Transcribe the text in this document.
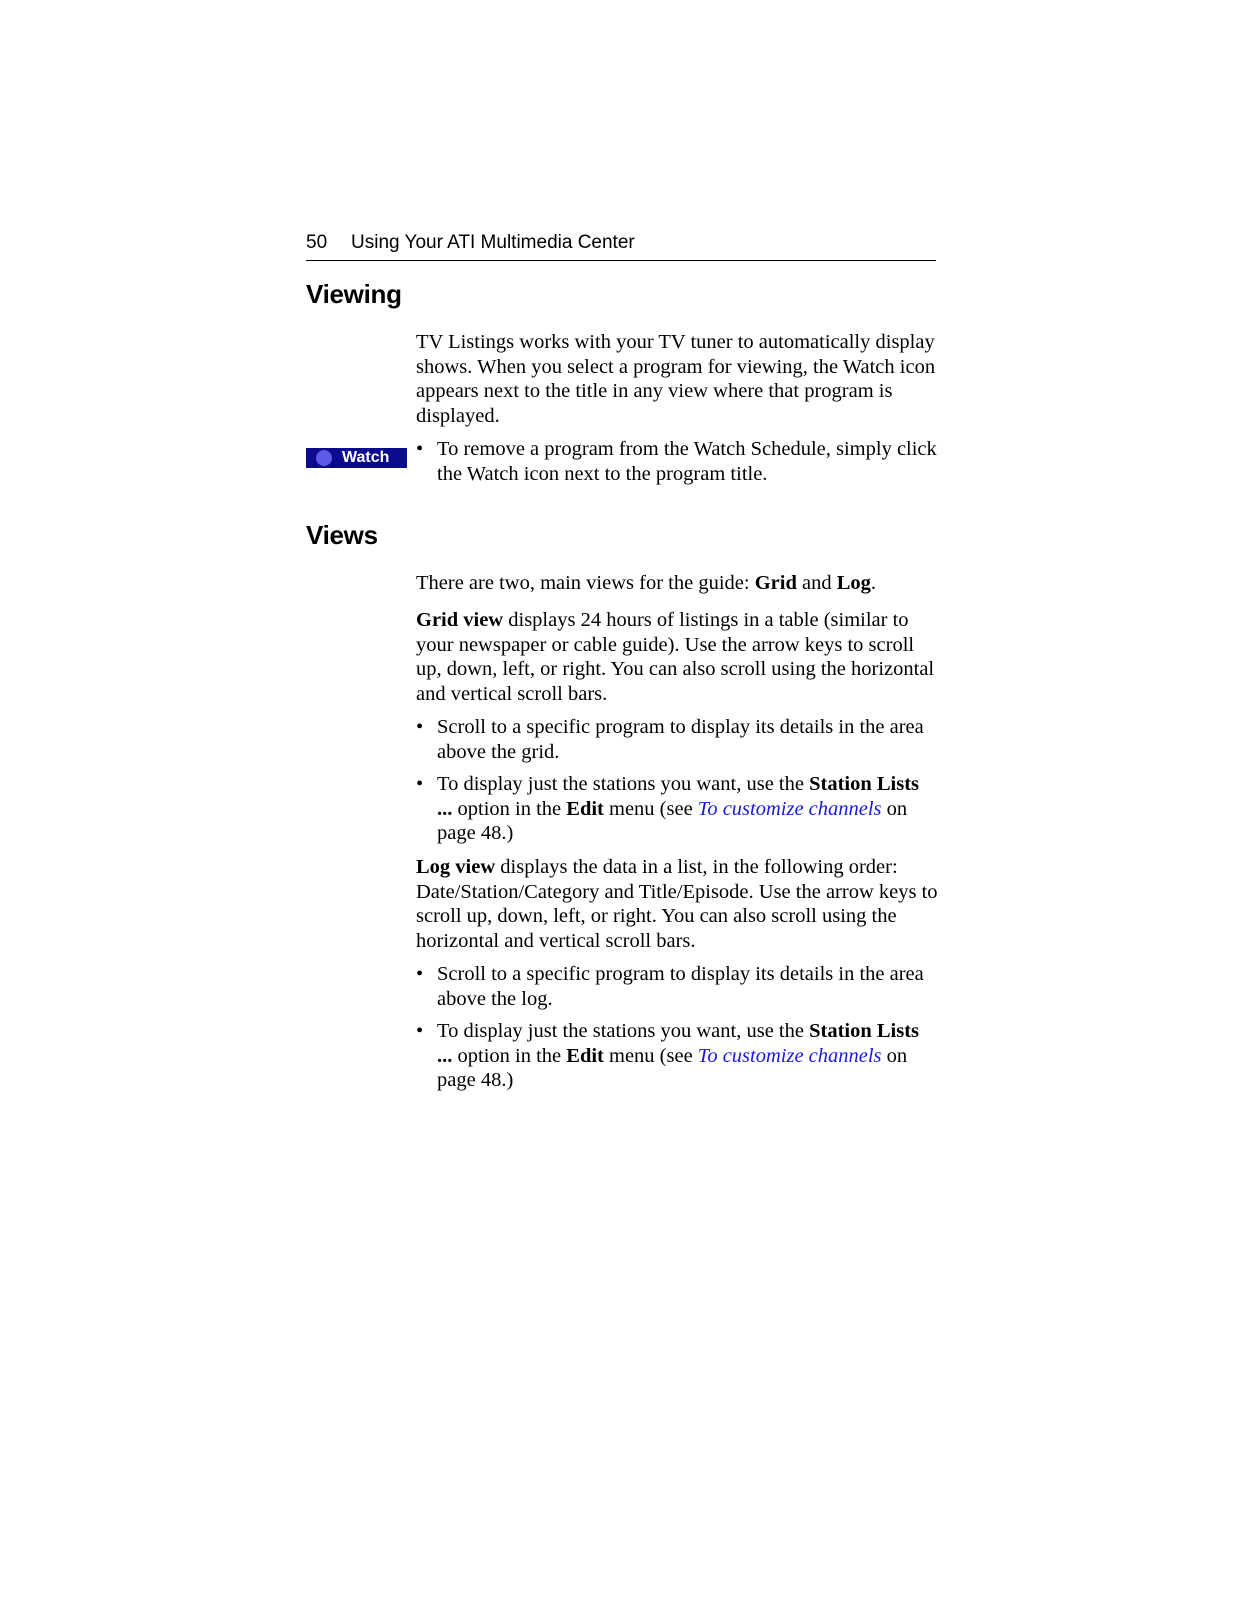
50 Using Your ATI Multimedia Center
Viewing

TV Listings works with your TV tuner to automatically display shows. When you select a program for viewing, the Watch icon appears next to the title in any view where that program is displayed.

Watch • To remove a program from the Watch Schedule, simply click the Watch icon next to the program title.
Views

There are two, main views for the guide: Grid and Log.

Grid view displays 24 hours of listings in a table (similar to your newspaper or cable guide). Use the arrow keys to scroll up, down, left, or right. You can also scroll using the horizontal and vertical scroll bars.

• Scroll to a specific program to display its details in the area above the grid.
• To display just the stations you want, use the Station Lists ... option in the Edit menu (see To customize channels on page 48.)

Log view displays the data in a list, in the following order: Date/Station/Category and Title/Episode. Use the arrow keys to scroll up, down, left, or right. You can also scroll using the horizontal and vertical scroll bars.

• Scroll to a specific program to display its details in the area above the log.
• To display just the stations you want, use the Station Lists ... option in the Edit menu (see To customize channels on page 48.)
